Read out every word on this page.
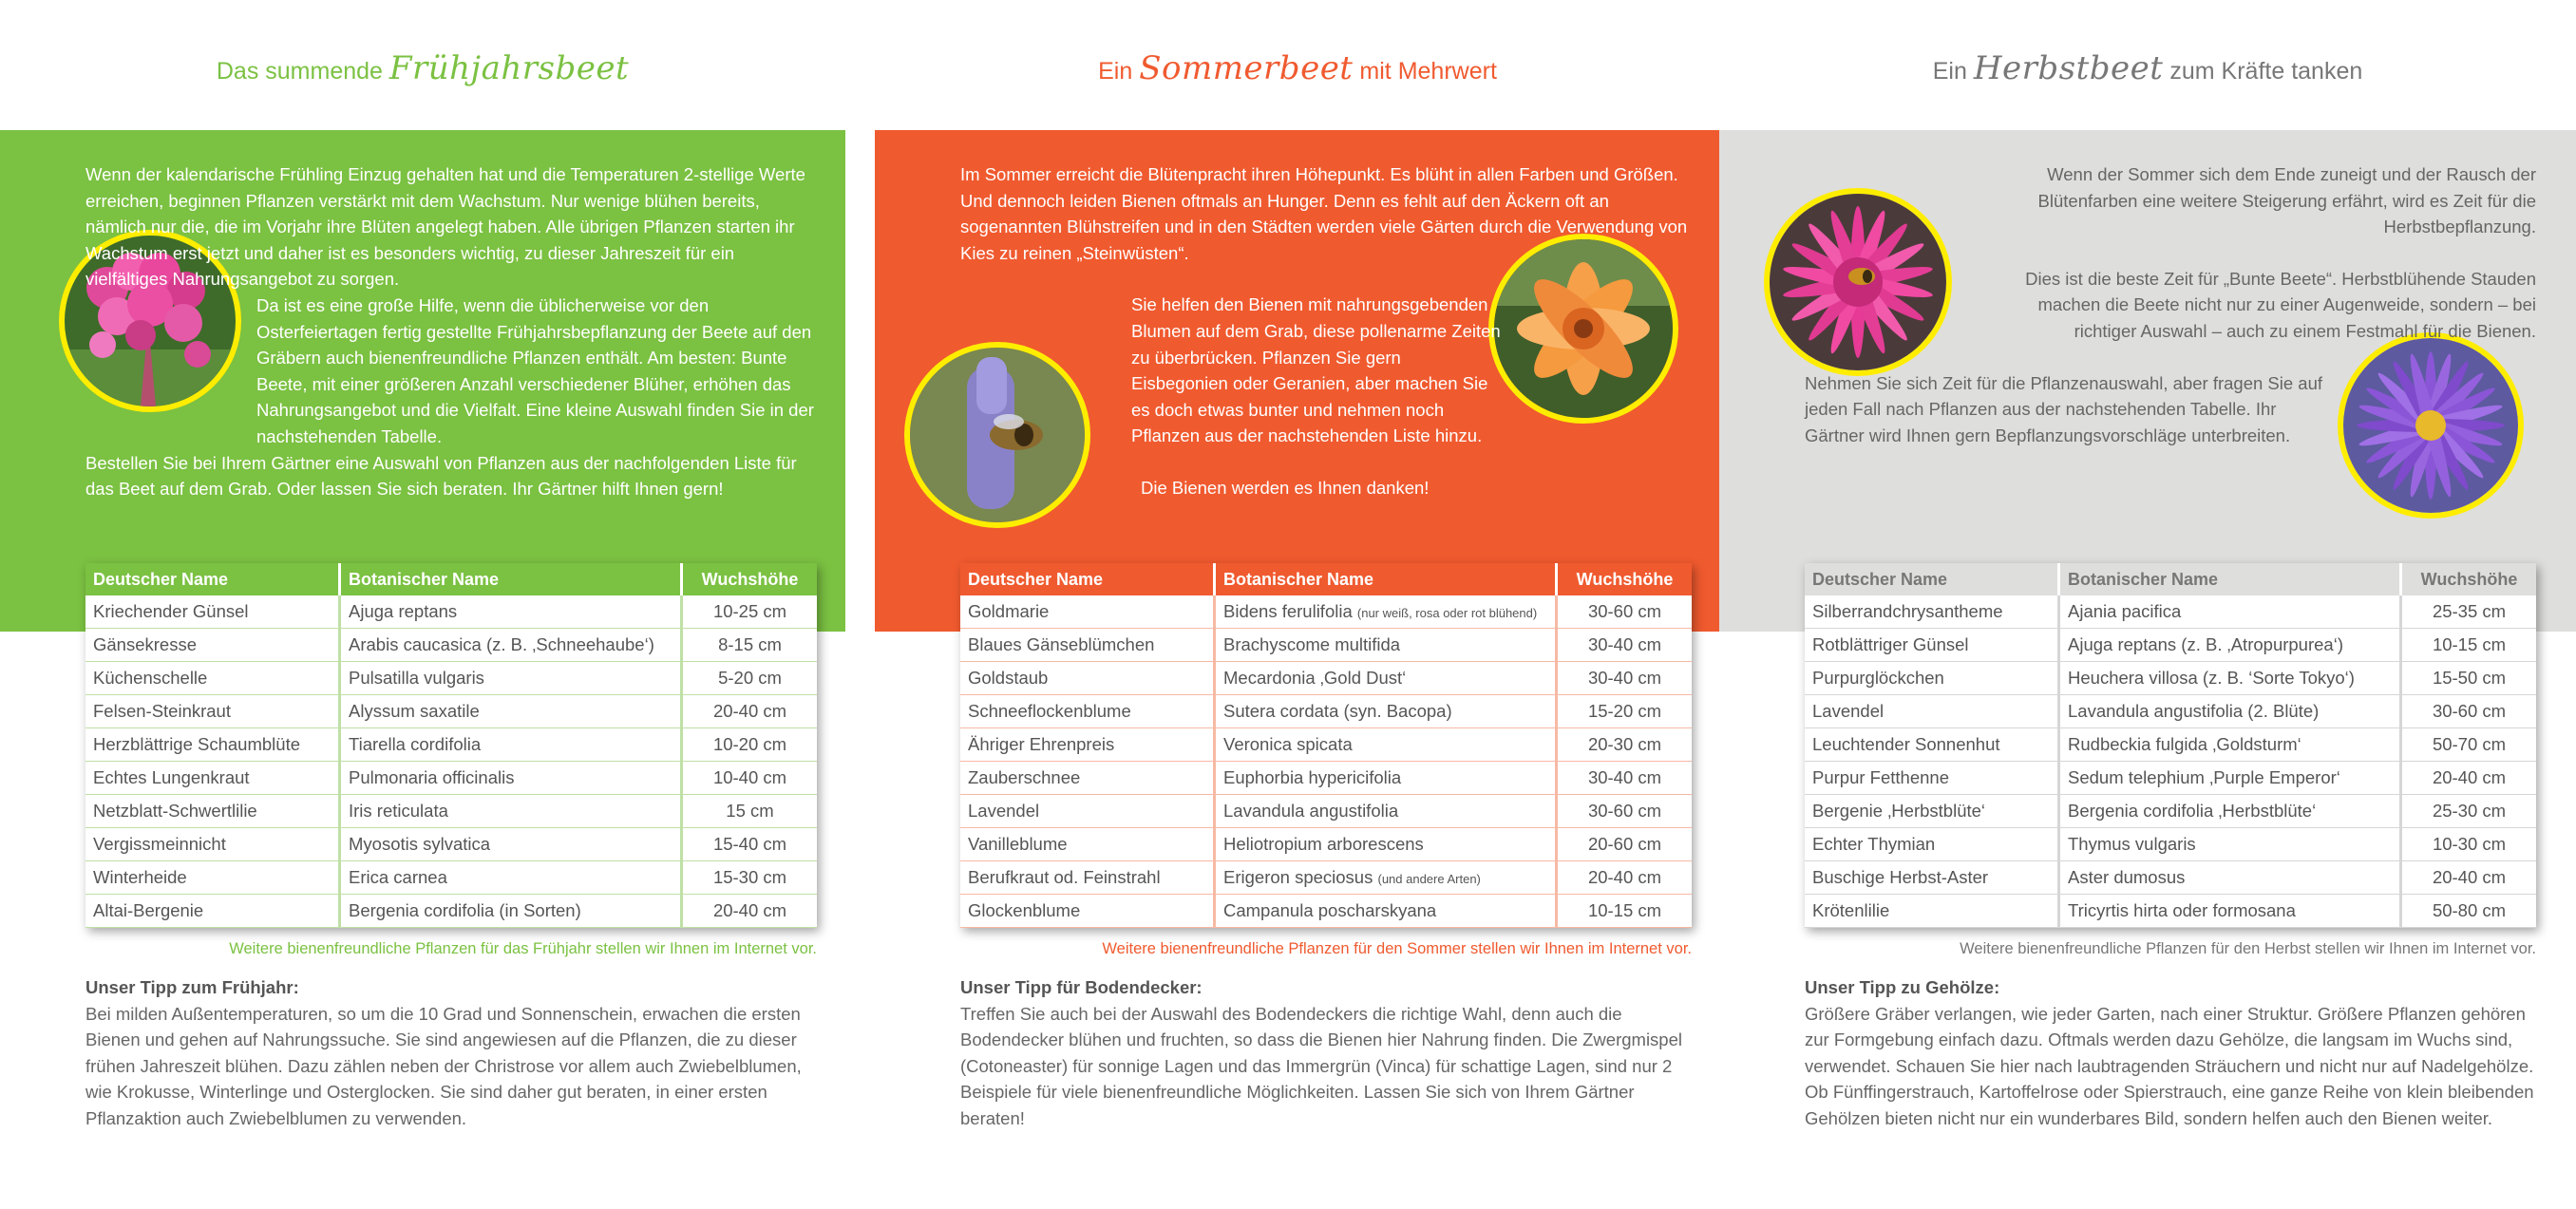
Das summende Frühjahrsbeet

Wenn der kalendarische Frühling Einzug gehalten hat und die Temperaturen 2-stellige Werte erreichen, beginnen Pflanzen verstärkt mit dem Wachstum. Nur wenige blühen bereits, nämlich nur die, die im Vorjahr ihre Blüten angelegt haben. Alle übrigen Pflanzen starten ihr Wachstum erst jetzt und daher ist es besonders wichtig, zu dieser Jahreszeit für ein vielfältiges Nahrungsangebot zu sorgen.

Da ist es eine große Hilfe, wenn die üblicherweise vor den Osterfeiertagen fertig gestellte Frühjahrsbepflanzung der Beete auf den Gräbern auch bienenfreundliche Pflanzen enthält. Am besten: Bunte Beete, mit einer größeren Anzahl verschiedener Blüher, erhöhen das Nahrungsangebot und die Vielfalt. Eine kleine Auswahl finden Sie in der nachstehenden Tabelle.

Bestellen Sie bei Ihrem Gärtner eine Auswahl von Pflanzen aus der nachfolgenden Liste für das Beet auf dem Grab. Oder lassen Sie sich beraten. Ihr Gärtner hilft Ihnen gern!

Deutscher Name	Botanischer Name	Wuchshöhe
Kriechender Günsel	Ajuga reptans	10-25 cm
Gänsekresse	Arabis caucasica (z. B. ‚Schneehaube‘)	8-15 cm
Küchenschelle	Pulsatilla vulgaris	5-20 cm
Felsen-Steinkraut	Alyssum saxatile	20-40 cm
Herzblättrige Schaumblüte	Tiarella cordifolia	10-20 cm
Echtes Lungenkraut	Pulmonaria officinalis	10-40 cm
Netzblatt-Schwertlilie	Iris reticulata	15 cm
Vergissmeinnicht	Myosotis sylvatica	15-40 cm
Winterheide	Erica carnea	15-30 cm
Altai-Bergenie	Bergenia cordifolia (in Sorten)	20-40 cm
Weitere bienenfreundliche Pflanzen für das Frühjahr stellen wir Ihnen im Internet vor.
Unser Tipp zum Frühjahr:

Bei milden Außentemperaturen, so um die 10 Grad und Sonnenschein, erwachen die ersten Bienen und gehen auf Nahrungssuche. Sie sind angewiesen auf die Pflanzen, die zu dieser frühen Jahreszeit blühen. Dazu zählen neben der Christrose vor allem auch Zwiebelblumen, wie Krokusse, Winterlinge und Osterglocken. Sie sind daher gut beraten, in einer ersten Pflanzaktion auch Zwiebelblumen zu verwenden.

Ein Sommerbeet mit Mehrwert

Im Sommer erreicht die Blütenpracht ihren Höhepunkt. Es blüht in allen Farben und Größen. Und dennoch leiden Bienen oftmals an Hunger. Denn es fehlt auf den Äckern oft an sogenannten Blühstreifen und in den Städten werden viele Gärten durch die Verwendung von Kies zu reinen „Steinwüsten“.

Sie helfen den Bienen mit nahrungsgebenden Blumen auf dem Grab, diese pollenarme Zeiten zu überbrücken. Pflanzen Sie gern Eisbegonien oder Geranien, aber machen Sie es doch etwas bunter und nehmen noch Pflanzen aus der nachstehenden Liste hinzu.

Die Bienen werden es Ihnen danken!

Deutscher Name	Botanischer Name	Wuchshöhe
Goldmarie	Bidens ferulifolia (nur weiß, rosa oder rot blühend)	30-60 cm
Blaues Gänseblümchen	Brachyscome multifida	30-40 cm
Goldstaub	Mecardonia ‚Gold Dust‘	30-40 cm
Schneeflockenblume	Sutera cordata (syn. Bacopa)	15-20 cm
Ähriger Ehrenpreis	Veronica spicata	20-30 cm
Zauberschnee	Euphorbia hypericifolia	30-40 cm
Lavendel	Lavandula angustifolia	30-60 cm
Vanilleblume	Heliotropium arborescens	20-60 cm
Berufkraut od. Feinstrahl	Erigeron speciosus (und andere Arten)	20-40 cm
Glockenblume	Campanula poscharskyana	10-15 cm
Weitere bienenfreundliche Pflanzen für den Sommer stellen wir Ihnen im Internet vor.
Unser Tipp für Bodendecker:

Treffen Sie auch bei der Auswahl des Bodendeckers die richtige Wahl, denn auch die Bodendecker blühen und fruchten, so dass die Bienen hier Nahrung finden. Die Zwergmispel (Cotoneaster) für sonnige Lagen und das Immergrün (Vinca) für schattige Lagen, sind nur 2 Beispiele für viele bienenfreundliche Möglichkeiten. Lassen Sie sich von Ihrem Gärtner beraten!

Ein Herbstbeet zum Kräfte tanken

Wenn der Sommer sich dem Ende zuneigt und der Rausch der Blütenfarben eine weitere Steigerung erfährt, wird es Zeit für die Herbstbepflanzung.

Dies ist die beste Zeit für „Bunte Beete“. Herbstblühende Stauden machen die Beete nicht nur zu einer Augenweide, sondern – bei richtiger Auswahl – auch zu einem Festmahl für die Bienen.

Nehmen Sie sich Zeit für die Pflanzenauswahl, aber fragen Sie auf jeden Fall nach Pflanzen aus der nachstehenden Tabelle. Ihr Gärtner wird Ihnen gern Bepflanzungsvorschläge unterbreiten.

Deutscher Name	Botanischer Name	Wuchshöhe
Silberrandchrysantheme	Ajania pacifica	25-35 cm
Rotblättriger Günsel	Ajuga reptans (z. B. ‚Atropurpurea‘)	10-15 cm
Purpurglöckchen	Heuchera villosa (z. B. ‘Sorte Tokyo‘)	15-50 cm
Lavendel	Lavandula angustifolia (2. Blüte)	30-60 cm
Leuchtender Sonnenhut	Rudbeckia fulgida ‚Goldsturm‘	50-70 cm
Purpur Fetthenne	Sedum telephium ‚Purple Emperor‘	20-40 cm
Bergenie ‚Herbstblüte‘	Bergenia cordifolia ‚Herbstblüte‘	25-30 cm
Echter Thymian	Thymus vulgaris	10-30 cm
Buschige Herbst-Aster	Aster dumosus	20-40 cm
Krötenlilie	Tricyrtis hirta oder formosana	50-80 cm
Weitere bienenfreundliche Pflanzen für den Herbst stellen wir Ihnen im Internet vor.
Unser Tipp zu Gehölze:

Größere Gräber verlangen, wie jeder Garten, nach einer Struktur. Größere Pflanzen gehören zur Formgebung einfach dazu. Oftmals werden dazu Gehölze, die langsam im Wuchs sind, verwendet. Schauen Sie hier nach laubtragenden Sträuchern und nicht nur auf Nadelgehölze. Ob Fünffingerstrauch, Kartoffelrose oder Spierstrauch, eine ganze Reihe von klein bleibenden Gehölzen bieten nicht nur ein wunderbares Bild, sondern helfen auch den Bienen weiter.
